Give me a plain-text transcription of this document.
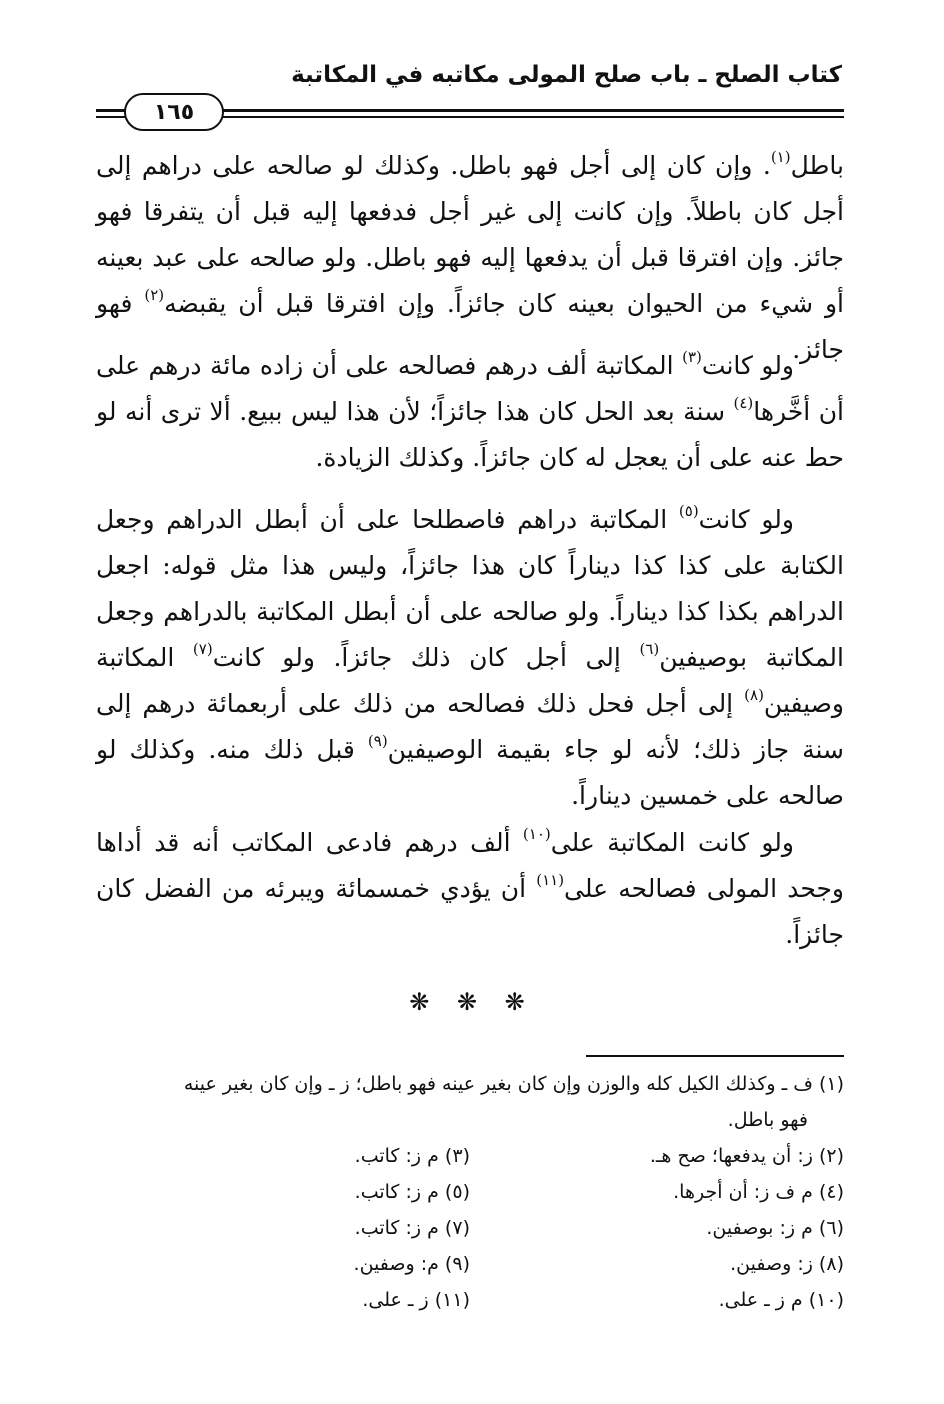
كتاب الصلح ـ باب صلح المولى مكاتبه في المكاتبة
١٦٥
باطل$^{(١)}$. وإن كان إلى أجل فهو باطل. وكذلك لو صالحه على دراهم إلى أجل كان باطلاً. وإن كانت إلى غير أجل فدفعها إليه قبل أن يتفرقا فهو جائز. وإن افترقا قبل أن يدفعها إليه فهو باطل. ولو صالحه على عبد بعينه أو شيء من الحيوان بعينه كان جائزاً. وإن افترقا قبل أن يقبضه$^{(٢)}$ فهو جائز.
ولو كانت$^{(٣)}$ المكاتبة ألف درهم فصالحه على أن زاده مائة درهم على أن أخَّرها$^{(٤)}$ سنة بعد الحل كان هذا جائزاً؛ لأن هذا ليس ببيع. ألا ترى أنه لو حط عنه على أن يعجل له كان جائزاً. وكذلك الزيادة.
ولو كانت$^{(٥)}$ المكاتبة دراهم فاصطلحا على أن أبطل الدراهم وجعل الكتابة على كذا كذا ديناراً كان هذا جائزاً، وليس هذا مثل قوله: اجعل الدراهم بكذا كذا ديناراً. ولو صالحه على أن أبطل المكاتبة بالدراهم وجعل المكاتبة بوصيفين$^{(٦)}$ إلى أجل كان ذلك جائزاً. ولو كانت$^{(٧)}$ المكاتبة وصيفين$^{(٨)}$ إلى أجل فحل ذلك فصالحه من ذلك على أربعمائة درهم إلى سنة جاز ذلك؛ لأنه لو جاء بقيمة الوصيفين$^{(٩)}$ قبل ذلك منه. وكذلك لو صالحه على خمسين ديناراً.
ولو كانت المكاتبة على$^{(١٠)}$ ألف درهم فادعى المكاتب أنه قد أداها وجحد المولى فصالحه على$^{(١١)}$ أن يؤدي خمسمائة ويبرئه من الفضل كان جائزاً.
❋ ❋ ❋
(١) ف ـ وكذلك الكيل كله والوزن وإن كان بغير عينه فهو باطل؛ ز ـ وإن كان بغير عينه
فهو باطل.
(٢) ز: أن يدفعها؛ صح هـ.
(٣) م ز: كاتب.
(٤) م ف ز: أن أجرها.
(٥) م ز: كاتب.
(٦) م ز: بوصفين.
(٧) م ز: كاتب.
(٨) ز: وصفين.
(٩) م: وصفين.
(١٠) م ز ـ على.
(١١) ز ـ على.
